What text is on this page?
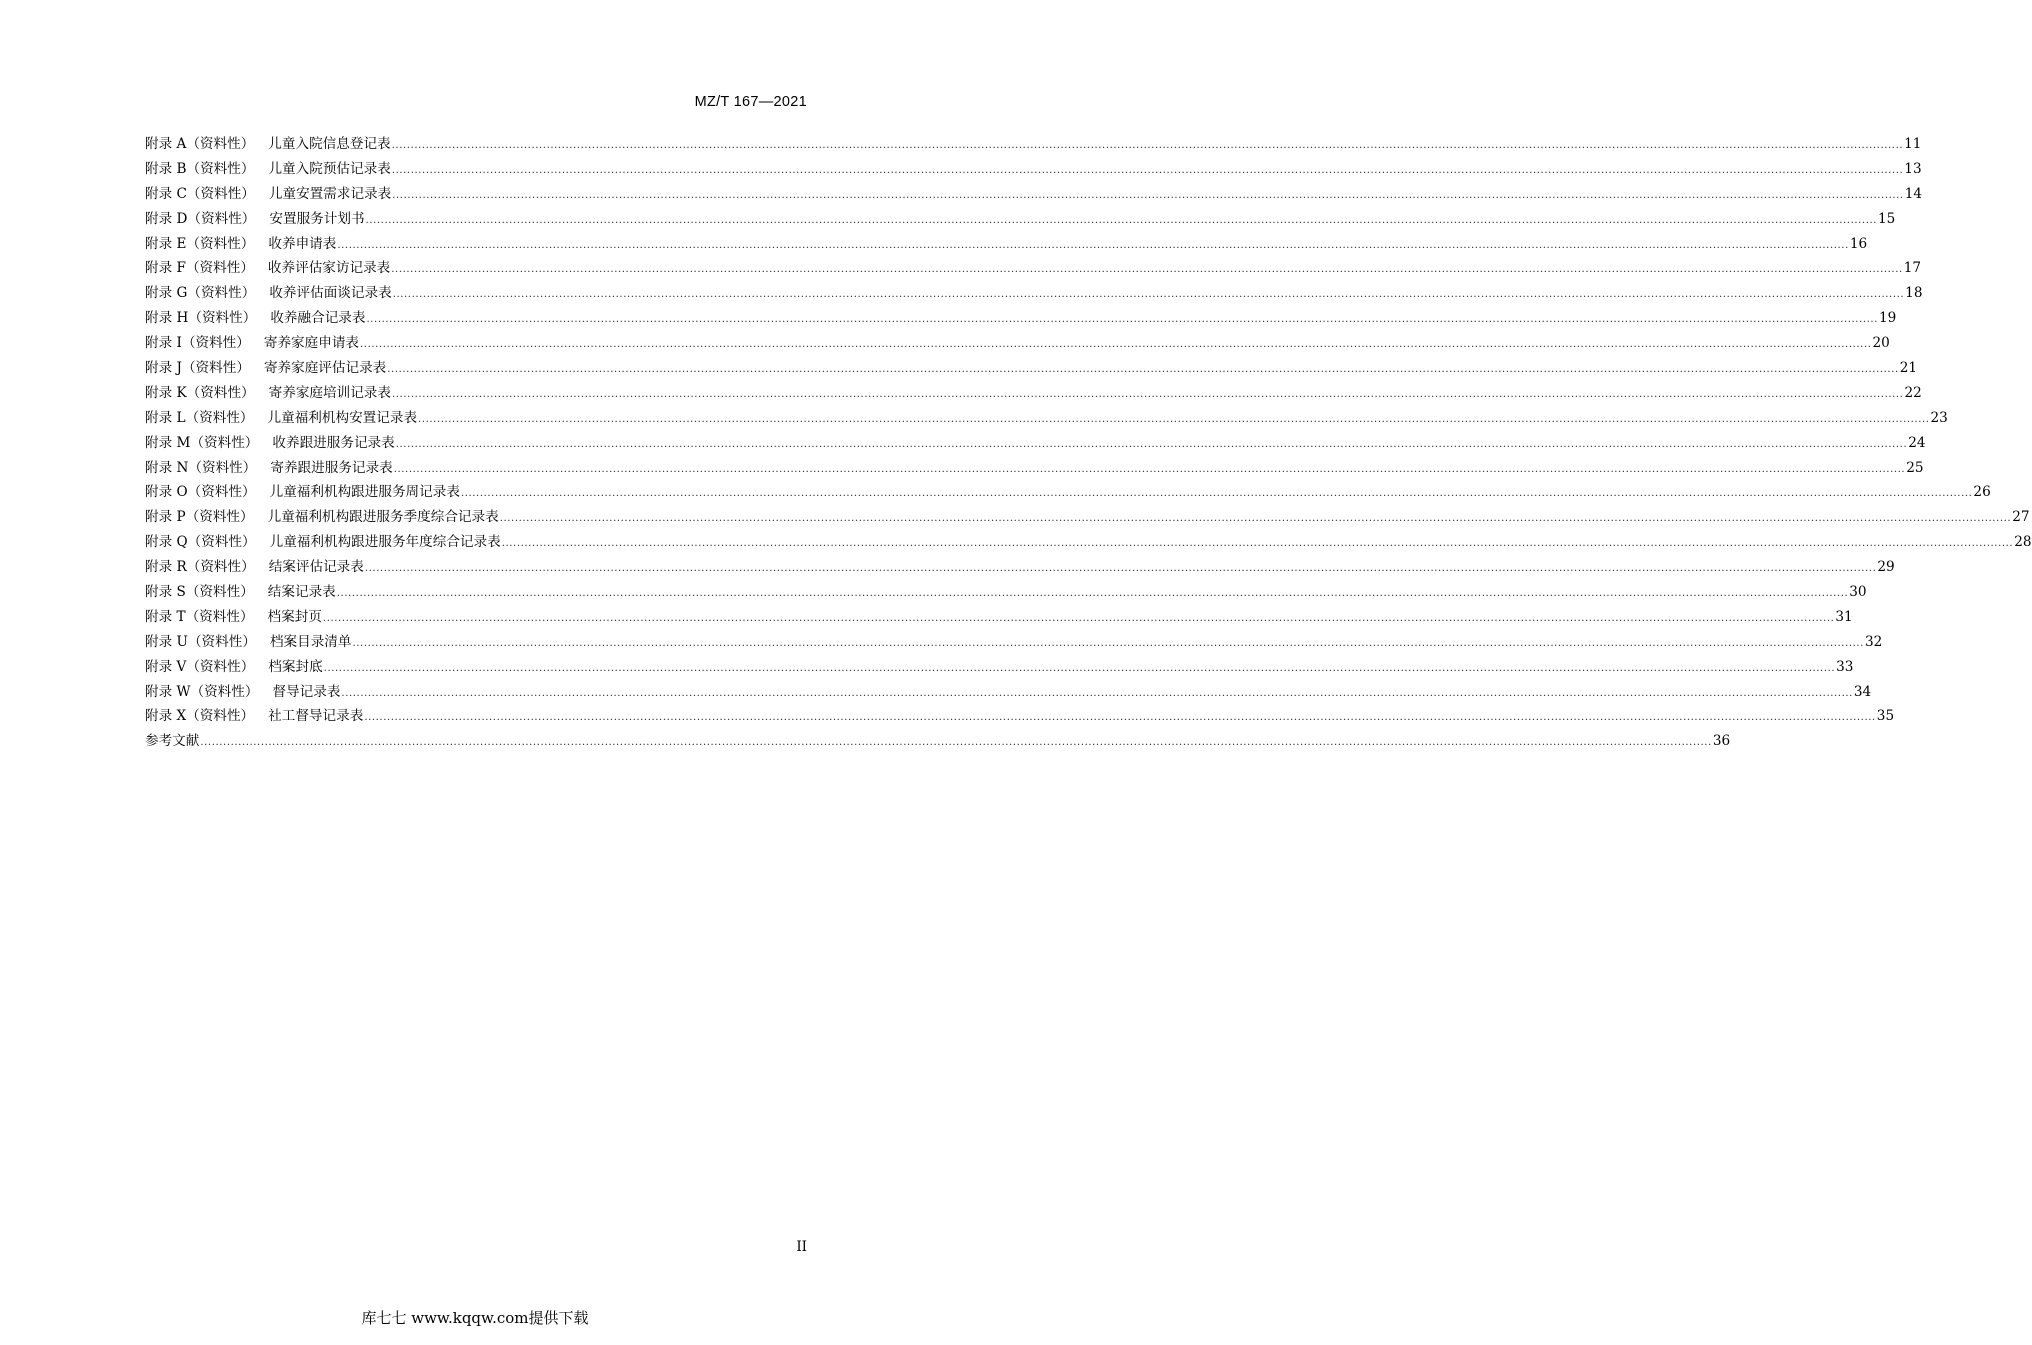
MZ/T 167—2021
附录 A（资料性） 儿童入院信息登记表 ................................................................................................................................................................................................................................................................................................................................................................................................................ 11
附录 B（资料性） 儿童入院预估记录表 ................................................................................................................................................................................................................................................................................................................................................................................................................ 13
附录 C（资料性） 儿童安置需求记录表 ................................................................................................................................................................................................................................................................................................................................................................................................................ 14
附录 D（资料性） 安置服务计划书 ................................................................................................................................................................................................................................................................................................................................................................................................................ 15
附录 E（资料性） 收养申请表 ................................................................................................................................................................................................................................................................................................................................................................................................................ 16
附录 F（资料性） 收养评估家访记录表 ................................................................................................................................................................................................................................................................................................................................................................................................................ 17
附录 G（资料性） 收养评估面谈记录表 ................................................................................................................................................................................................................................................................................................................................................................................................................ 18
附录 H（资料性） 收养融合记录表 ................................................................................................................................................................................................................................................................................................................................................................................................................ 19
附录 I（资料性） 寄养家庭申请表 ................................................................................................................................................................................................................................................................................................................................................................................................................ 20
附录 J（资料性） 寄养家庭评估记录表 ................................................................................................................................................................................................................................................................................................................................................................................................................ 21
附录 K（资料性） 寄养家庭培训记录表 ................................................................................................................................................................................................................................................................................................................................................................................................................ 22
附录 L（资料性） 儿童福利机构安置记录表 ................................................................................................................................................................................................................................................................................................................................................................................................................ 23
附录 M（资料性） 收养跟进服务记录表 ................................................................................................................................................................................................................................................................................................................................................................................................................ 24
附录 N（资料性） 寄养跟进服务记录表 ................................................................................................................................................................................................................................................................................................................................................................................................................ 25
附录 O（资料性） 儿童福利机构跟进服务周记录表 ................................................................................................................................................................................................................................................................................................................................................................................................................ 26
附录 P（资料性） 儿童福利机构跟进服务季度综合记录表 ................................................................................................................................................................................................................................................................................................................................................................................................................ 27
附录 Q（资料性） 儿童福利机构跟进服务年度综合记录表 ................................................................................................................................................................................................................................................................................................................................................................................................................ 28
附录 R（资料性） 结案评估记录表 ................................................................................................................................................................................................................................................................................................................................................................................................................ 29
附录 S（资料性） 结案记录表 ................................................................................................................................................................................................................................................................................................................................................................................................................ 30
附录 T（资料性） 档案封页 ................................................................................................................................................................................................................................................................................................................................................................................................................ 31
附录 U（资料性） 档案目录清单 ................................................................................................................................................................................................................................................................................................................................................................................................................ 32
附录 V（资料性） 档案封底 ................................................................................................................................................................................................................................................................................................................................................................................................................ 33
附录 W（资料性） 督导记录表 ................................................................................................................................................................................................................................................................................................................................................................................................................ 34
附录 X（资料性） 社工督导记录表 ................................................................................................................................................................................................................................................................................................................................................................................................................ 35
参考文献 ................................................................................................................................................................................................................................................................................................................................................................................................................ 36
II
库七七 www.kqqw.com提供下载
